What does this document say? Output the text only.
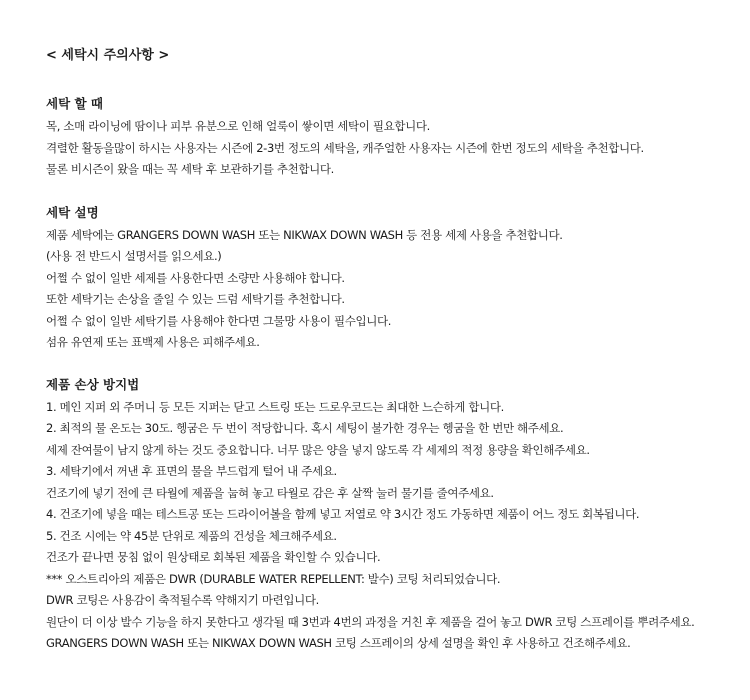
< 세탁시 주의사항 >

세탁 할 때

목, 소매 라이닝에 땀이나 피부 유분으로 인해 얼룩이 쌓이면 세탁이 필요합니다.

격렬한 활동을많이 하시는 사용자는 시즌에 2-3번 정도의 세탁을, 캐주얼한 사용자는 시즌에 한번 정도의 세탁을 추천합니다.

물론 비시즌이 왔을 때는 꼭 세탁 후 보관하기를 추천합니다.

세탁 설명

제품 세탁에는 GRANGERS DOWN WASH 또는 NIKWAX DOWN WASH 등 전용 세제 사용을 추천합니다.

(사용 전 반드시 설명서를 읽으세요.)

어쩔 수 없이 일반 세제를 사용한다면 소량만 사용해야 합니다.

또한 세탁기는 손상을 줄일 수 있는 드럼 세탁기를 추천합니다.

어쩔 수 없이 일반 세탁기를 사용해야 한다면 그물망 사용이 필수입니다.

섬유 유연제 또는 표백제 사용은 피해주세요.

제품 손상 방지법

1. 메인 지퍼 외 주머니 등 모든 지퍼는 닫고 스트링 또는 드로우코드는 최대한 느슨하게 합니다.

2. 최적의 물 온도는 30도. 헹굼은 두 번이 적당합니다. 혹시 세팅이 불가한 경우는 헹굼을 한 번만 해주세요.

세제 잔여물이 남지 않게 하는 것도 중요합니다. 너무 많은 양을 넣지 않도록 각 세제의 적정 용량을 확인해주세요.

3. 세탁기에서 꺼낸 후 표면의 물을 부드럽게 털어 내 주세요.

건조기에 넣기 전에 큰 타월에 제품을 눕혀 놓고 타월로 감은 후 살짝 눌러 물기를 줄여주세요.

4. 건조기에 넣을 때는 테스트공 또는 드라이어볼을 함께 넣고 저열로 약 3시간 정도 가동하면 제품이 어느 정도 회복됩니다.

5. 건조 시에는 약 45분 단위로 제품의 건성을 체크해주세요.

건조가 끝나면 뭉침 없이 원상태로 회복된 제품을 확인할 수 있습니다.

*** 오스트리아의 제품은 DWR (DURABLE WATER REPELLENT: 발수) 코팅 처리되었습니다.

DWR 코팅은 사용감이 축적될수록 약해지기 마련입니다.

원단이 더 이상 발수 기능을 하지 못한다고 생각될 때 3번과 4번의 과정을 거친 후 제품을 걸어 놓고 DWR 코팅 스프레이를 뿌려주세요.

GRANGERS DOWN WASH 또는 NIKWAX DOWN WASH 코팅 스프레이의 상세 설명을 확인 후 사용하고 건조해주세요.
